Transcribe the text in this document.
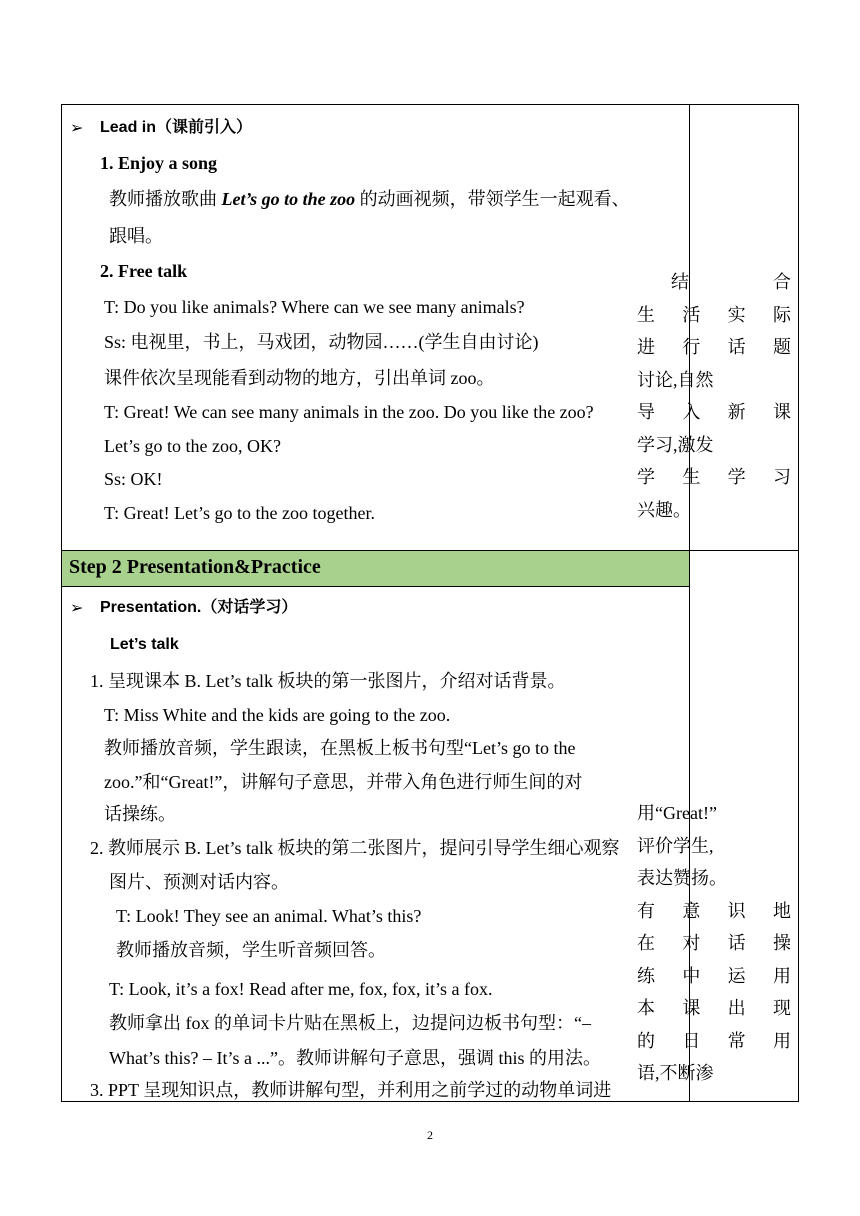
Step 2 Presentation&Practice
➢ Lead in（课前引入）
1. Enjoy a song
教师播放歌曲 Let’s go to the zoo 的动画视频，带领学生一起观看、
跟唱。
2. Free talk
T: Do you like animals? Where can we see many animals?
Ss: 电视里，书上，马戏团，动物园……(学生自由讨论)
课件依次呈现能看到动物的地方，引出单词 zoo。
T: Great! We can see many animals in the zoo. Do you like the zoo?
Let’s go to the zoo, OK?
Ss: OK!
T: Great! Let’s go to the zoo together.
结	合
生 活 实 际
进 行 话 题
讨论,自然
导 入 新 课
学习,激发
学 生 学 习
兴趣。
➢ Presentation.（对话学习）
Let’s talk
1. 呈现课本 B. Let’s talk 板块的第一张图片，介绍对话背景。
T: Miss White and the kids are going to the zoo.
教师播放音频，学生跟读，在黑板上板书句型“Let’s go to the
zoo.”和“Great!”，讲解句子意思，并带入角色进行师生间的对
话操练。
2. 教师展示 B. Let’s talk 板块的第二张图片，提问引导学生细心观察
图片、预测对话内容。
T: Look! They see an animal. What’s this?
教师播放音频，学生听音频回答。
T: Look, it’s a fox! Read after me, fox, fox, it’s a fox.
教师拿出 fox 的单词卡片贴在黑板上，边提问边板书句型：“–
What’s this? – It’s a ...”。教师讲解句子意思，强调 this 的用法。
3. PPT 呈现知识点，教师讲解句型，并利用之前学过的动物单词进
用“Great!”
评价学生,
表达赞扬。
有 意 识 地
在 对 话 操
练 中 运 用
本 课 出 现
的 日 常 用
语,不断渗
2
